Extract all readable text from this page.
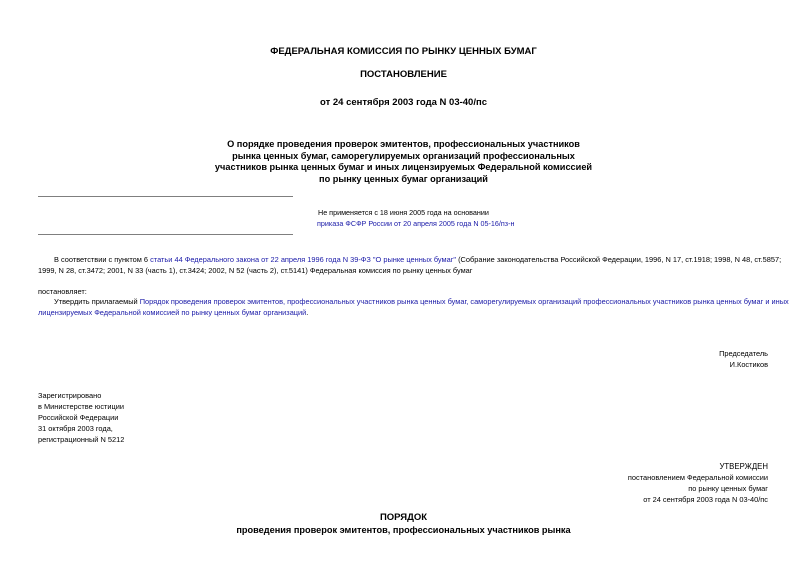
ФЕДЕРАЛЬНАЯ КОМИССИЯ ПО РЫНКУ ЦЕННЫХ БУМАГ
ПОСТАНОВЛЕНИЕ
от 24 сентября 2003 года N 03-40/пс
О порядке проведения проверок эмитентов, профессиональных участников
рынка ценных бумаг, саморегулируемых организаций профессиональных
участников рынка ценных бумаг и иных лицензируемых Федеральной комиссией
по рынку ценных бумаг организаций
Не применяется с 18 июня 2005 года на основании
приказа ФСФР России от 20 апреля 2005 года N 05-16/пз-н
В соответствии с пунктом 6 статьи 44 Федерального закона от 22 апреля 1996 года N 39-ФЗ "О рынке ценных бумаг" (Собрание законодательства Российской Федерации, 1996, N 17, ст.1918; 1998, N 48, ст.5857;
1999, N 28, ст.3472; 2001, N 33 (часть 1), ст.3424; 2002, N 52 (часть 2), ст.5141) Федеральная комиссия по рынку ценных бумаг
постановляет:
Утвердить прилагаемый Порядок проведения проверок эмитентов, профессиональных участников рынка ценных бумаг, саморегулируемых организаций профессиональных участников рынка ценных бумаг и иных
лицензируемых Федеральной комиссией по рынку ценных бумаг организаций.
Председатель
И.Костиков
Зарегистрировано
в Министерстве юстиции
Российской Федерации
31 октября 2003 года,
регистрационный N 5212
УТВЕРЖДЕН
постановлением Федеральной комиссии
по рынку ценных бумаг
от 24 сентября 2003 года N 03-40/пс
ПОРЯДОК
проведения проверок эмитентов, профессиональных участников рынка
